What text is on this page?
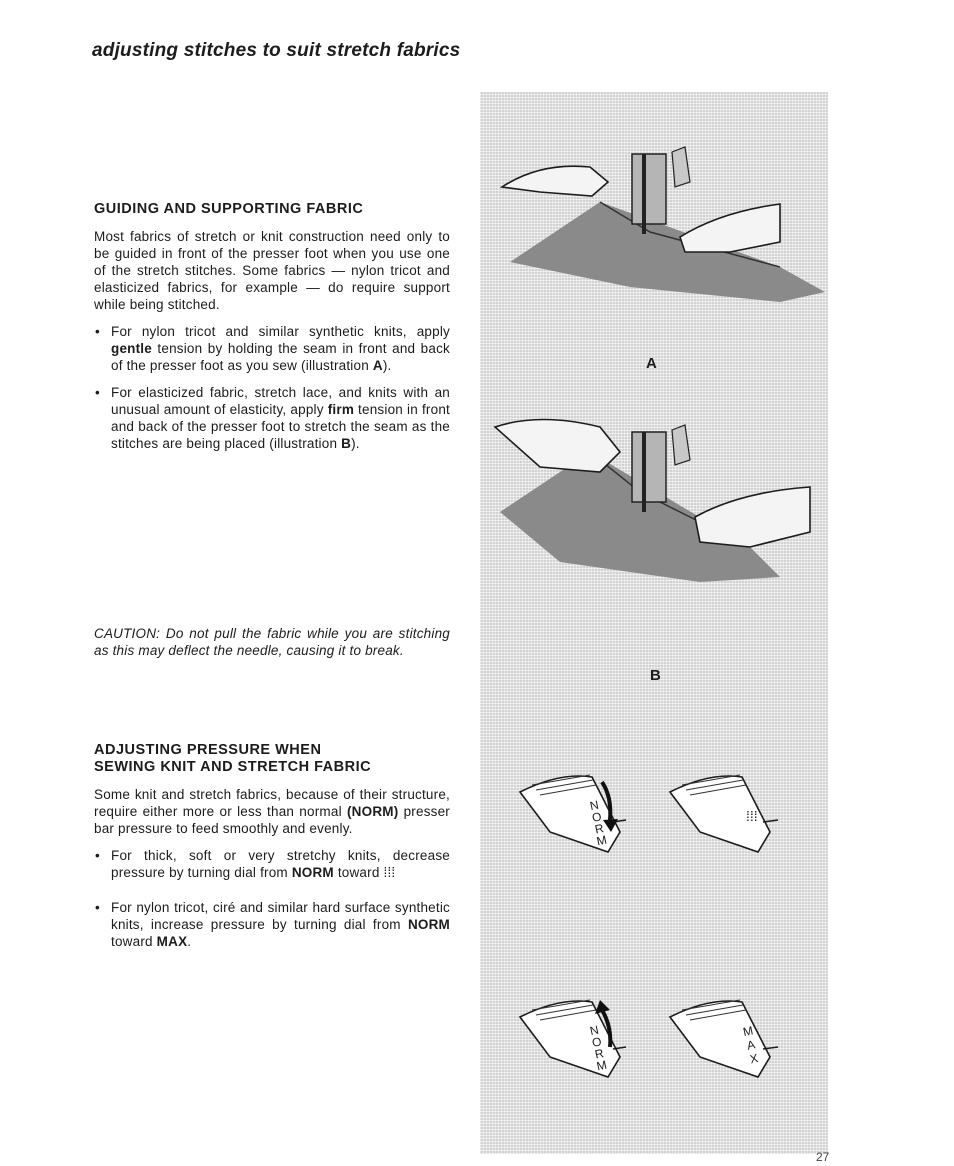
adjusting stitches to suit stretch fabrics
GUIDING AND SUPPORTING FABRIC

Most fabrics of stretch or knit construction need only to be guided in front of the presser foot when you use one of the stretch stitches. Some fabrics — nylon tricot and elasticized fabrics, for example — do require support while being stitched.

• For nylon tricot and similar synthetic knits, apply gentle tension by holding the seam in front and back of the presser foot as you sew (illustration A).
• For elasticized fabric, stretch lace, and knits with an unusual amount of elasticity, apply firm tension in front and back of the presser foot to stretch the seam as the stitches are being placed (illustration B).

CAUTION: Do not pull the fabric while you are stitching as this may deflect the needle, causing it to break.

ADJUSTING PRESSURE WHEN
SEWING KNIT AND STRETCH FABRIC

Some knit and stretch fabrics, because of their structure, require either more or less than normal (NORM) presser bar pressure to feed smoothly and evenly.

• For thick, soft or very stretchy knits, decrease pressure by turning dial from NORM toward ⁞⁞⁞
• For nylon tricot, ciré and similar hard surface synthetic knits, increase pressure by turning dial from NORM toward MAX.
A
B
NORM
⁞⁞⁞
NORM
MAX
27
